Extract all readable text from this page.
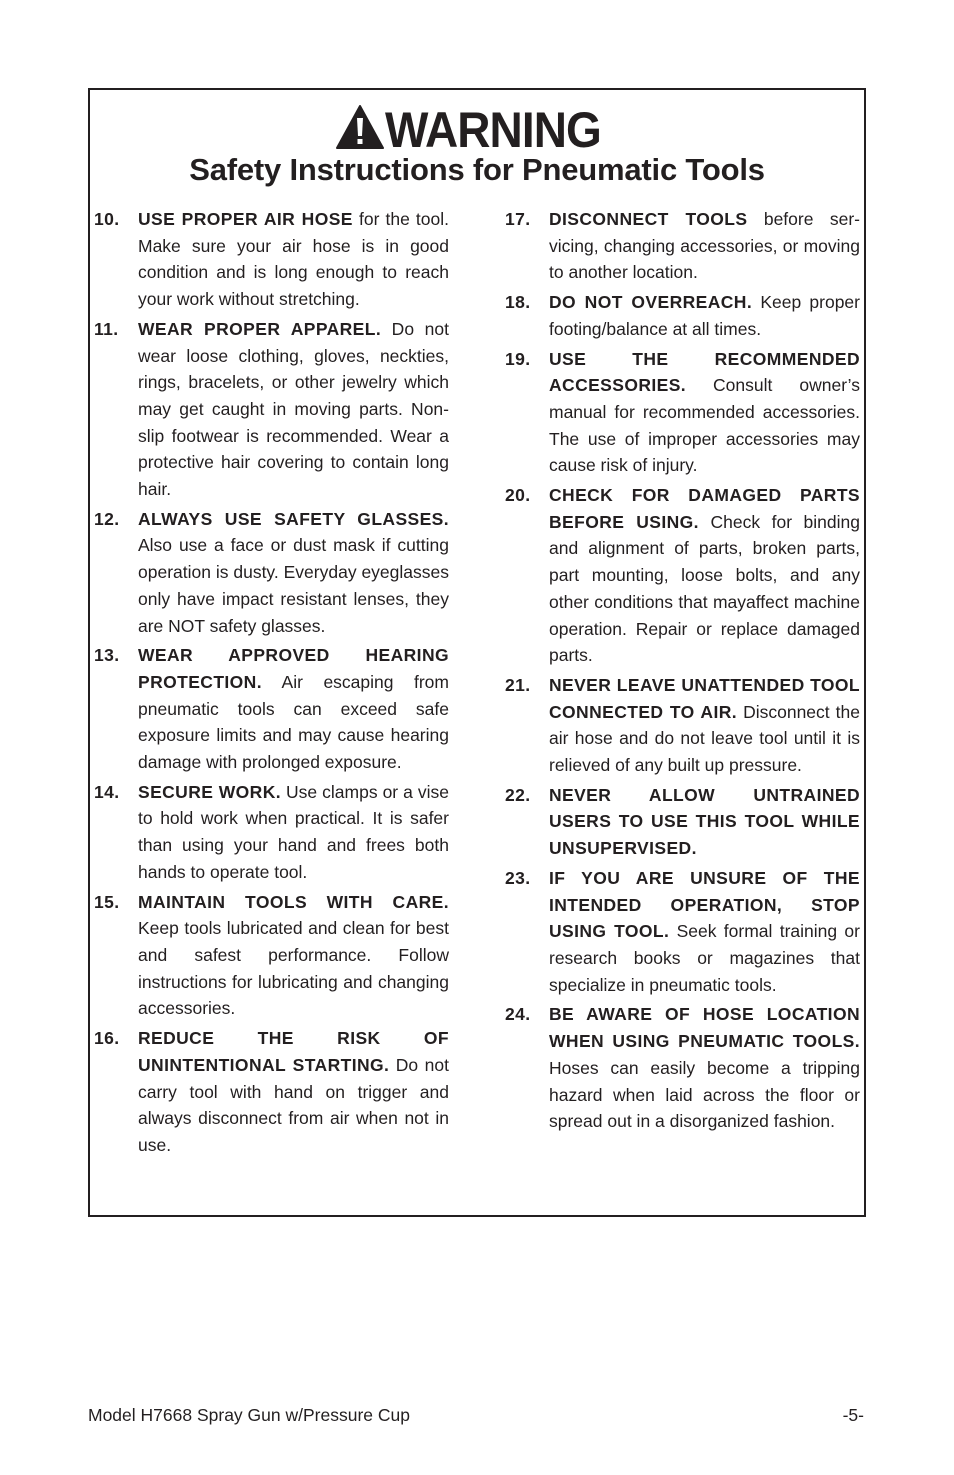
WARNING
Safety Instructions for Pneumatic Tools
10. USE PROPER AIR HOSE for the tool. Make sure your air hose is in good condition and is long enough to reach your work without stretching.
11. WEAR PROPER APPAREL. Do not wear loose clothing, gloves, neckties, rings, bracelets, or other jewelry which may get caught in moving parts. Non-slip footwear is recommended. Wear a protective hair covering to contain long hair.
12. ALWAYS USE SAFETY GLASSES. Also use a face or dust mask if cutting operation is dusty. Everyday eyeglasses only have impact resistant lenses, they are NOT safety glasses.
13. WEAR APPROVED HEARING PROTECTION. Air escaping from pneumatic tools can exceed safe exposure limits and may cause hearing damage with prolonged exposure.
14. SECURE WORK. Use clamps or a vise to hold work when practical. It is safer than using your hand and frees both hands to operate tool.
15. MAINTAIN TOOLS WITH CARE. Keep tools lubricated and clean for best and safest performance. Follow instructions for lubricating and changing accessories.
16. REDUCE THE RISK OF UNINTENTIONAL STARTING. Do not carry tool with hand on trigger and always disconnect from air when not in use.
17. DISCONNECT TOOLS before servicing, changing accessories, or moving to another location.
18. DO NOT OVERREACH. Keep proper footing/balance at all times.
19. USE THE RECOMMENDED ACCESSORIES. Consult owner’s manual for recommended accessories. The use of improper accessories may cause risk of injury.
20. CHECK FOR DAMAGED PARTS BEFORE USING. Check for binding and alignment of parts, broken parts, part mounting, loose bolts, and any other conditions that mayaffect machine operation. Repair or replace damaged parts.
21. NEVER LEAVE UNATTENDED TOOL CONNECTED TO AIR. Disconnect the air hose and do not leave tool until it is relieved of any built up pressure.
22. NEVER ALLOW UNTRAINED USERS TO USE THIS TOOL WHILE UNSUPERVISED.
23. IF YOU ARE UNSURE OF THE INTENDED OPERATION, STOP USING TOOL. Seek formal training or research books or magazines that specialize in pneumatic tools.
24. BE AWARE OF HOSE LOCATION WHEN USING PNEUMATIC TOOLS. Hoses can easily become a tripping hazard when laid across the floor or spread out in a disorganized fashion.
Model H7668 Spray Gun w/Pressure Cup	-5-
